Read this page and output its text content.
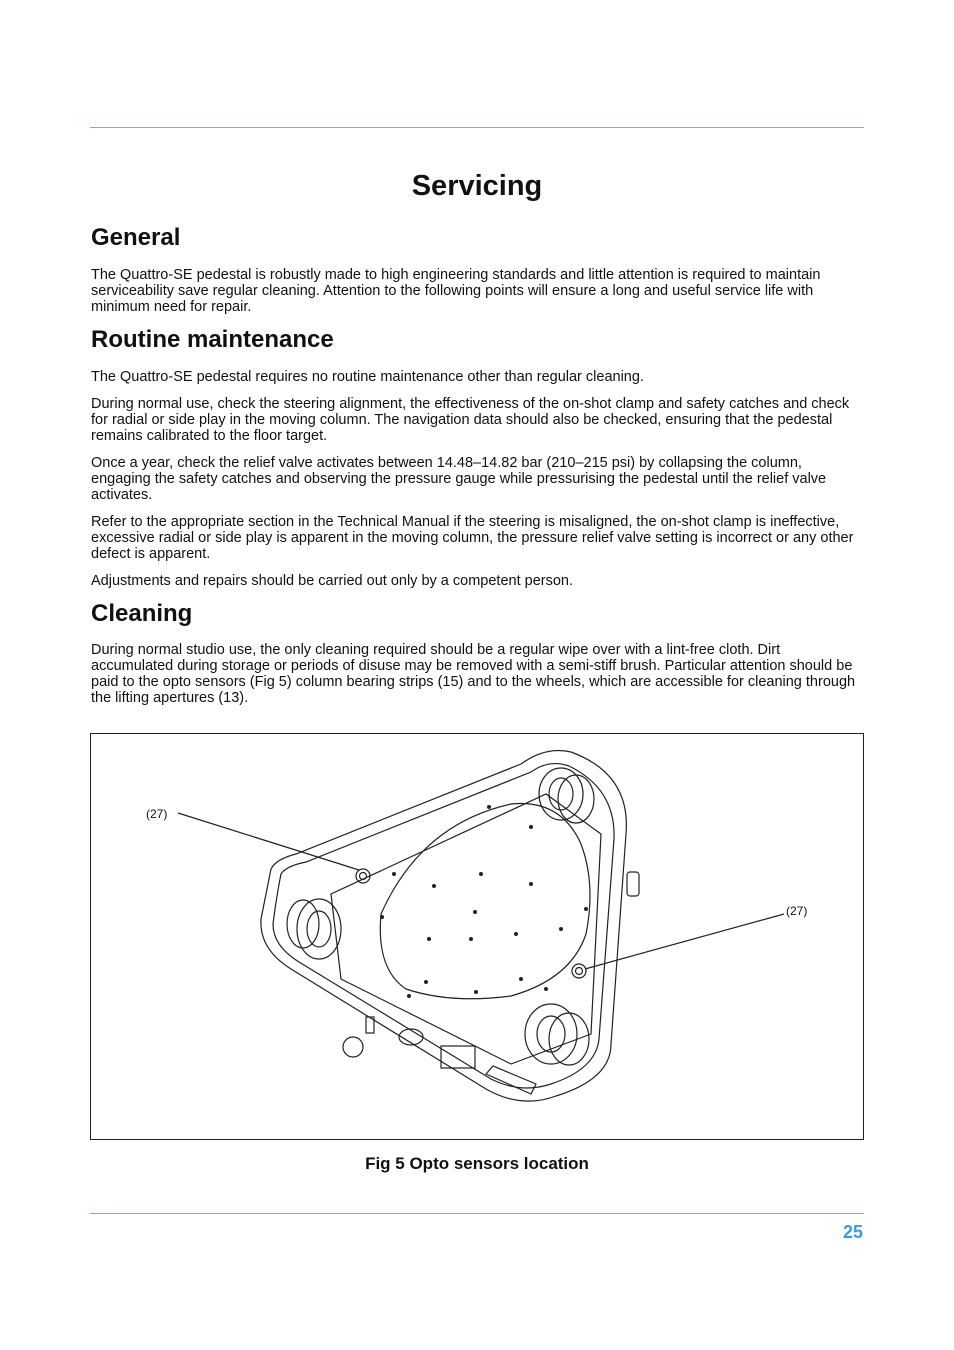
Servicing
General

The Quattro-SE pedestal is robustly made to high engineering standards and little attention is required to maintain serviceability save regular cleaning. Attention to the following points will ensure a long and useful service life with minimum need for repair.

Routine maintenance

The Quattro-SE pedestal requires no routine maintenance other than regular cleaning.

During normal use, check the steering alignment, the effectiveness of the on-shot clamp and safety catches and check for radial or side play in the moving column. The navigation data should also be checked, ensuring that the pedestal remains calibrated to the floor target.

Once a year, check the relief valve activates between 14.48–14.82 bar (210–215 psi) by collapsing the column, engaging the safety catches and observing the pressure gauge while pressurising the pedestal until the relief valve activates.

Refer to the appropriate section in the Technical Manual if the steering is misaligned, the on-shot clamp is ineffective, excessive radial or side play is apparent in the moving column, the pressure relief valve setting is incorrect or any other defect is apparent.

Adjustments and repairs should be carried out only by a competent person.

Cleaning

During normal studio use, the only cleaning required should be a regular wipe over with a lint-free cloth. Dirt accumulated during storage or periods of disuse may be removed with a semi-stiff brush. Particular attention should be paid to the opto sensors (Fig 5) column bearing strips (15) and to the wheels, which are accessible for cleaning through the lifting apertures (13).

(27)
(27)
Fig 5 Opto sensors location
25
